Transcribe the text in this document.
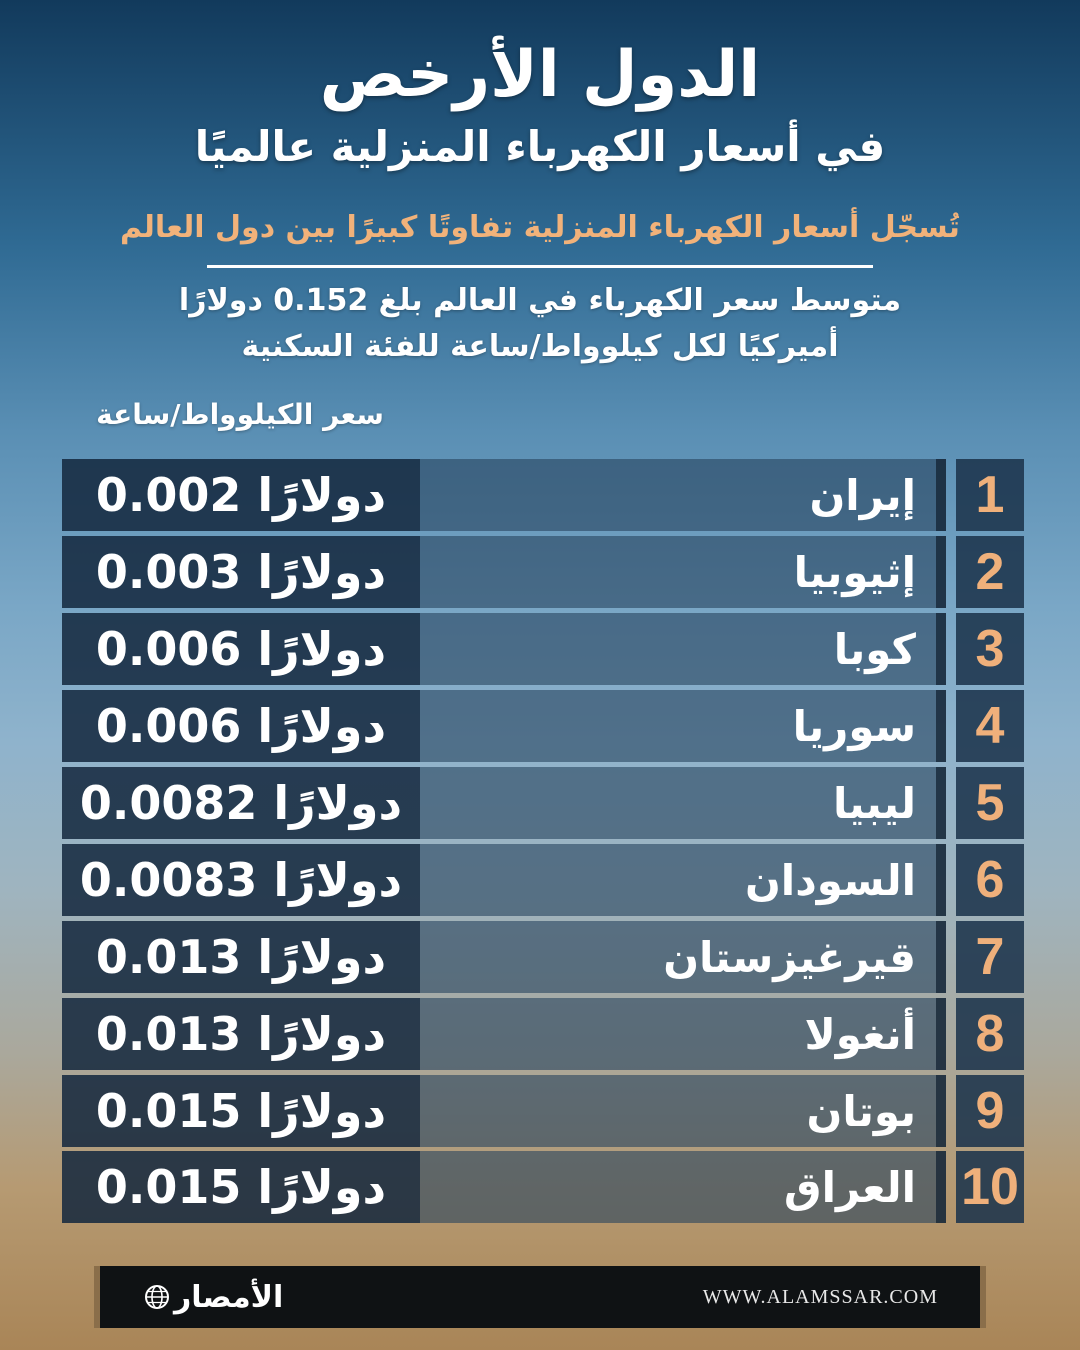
الدول الأرخص
في أسعار الكهرباء المنزلية عالميًا
تُسجّل أسعار الكهرباء المنزلية تفاوتًا كبيرًا بين دول العالم
متوسط سعر الكهرباء في العالم بلغ 0.152 دولارًا
أميركيًا لكل كيلوواط/ساعة للفئة السكنية
سعر الكيلوواط/ساعة
0.002 دولارًا	إيران	1
0.003 دولارًا	إثيوبيا	2
0.006 دولارًا	كوبا	3
0.006 دولارًا	سوريا	4
0.0082 دولارًا	ليبيا	5
0.0083 دولارًا	السودان	6
0.013 دولارًا	قيرغيزستان	7
0.013 دولارًا	أنغولا	8
0.015 دولارًا	بوتان	9
0.015 دولارًا	العراق 10
WWW.ALAMSSAR.COM
الأمصار
